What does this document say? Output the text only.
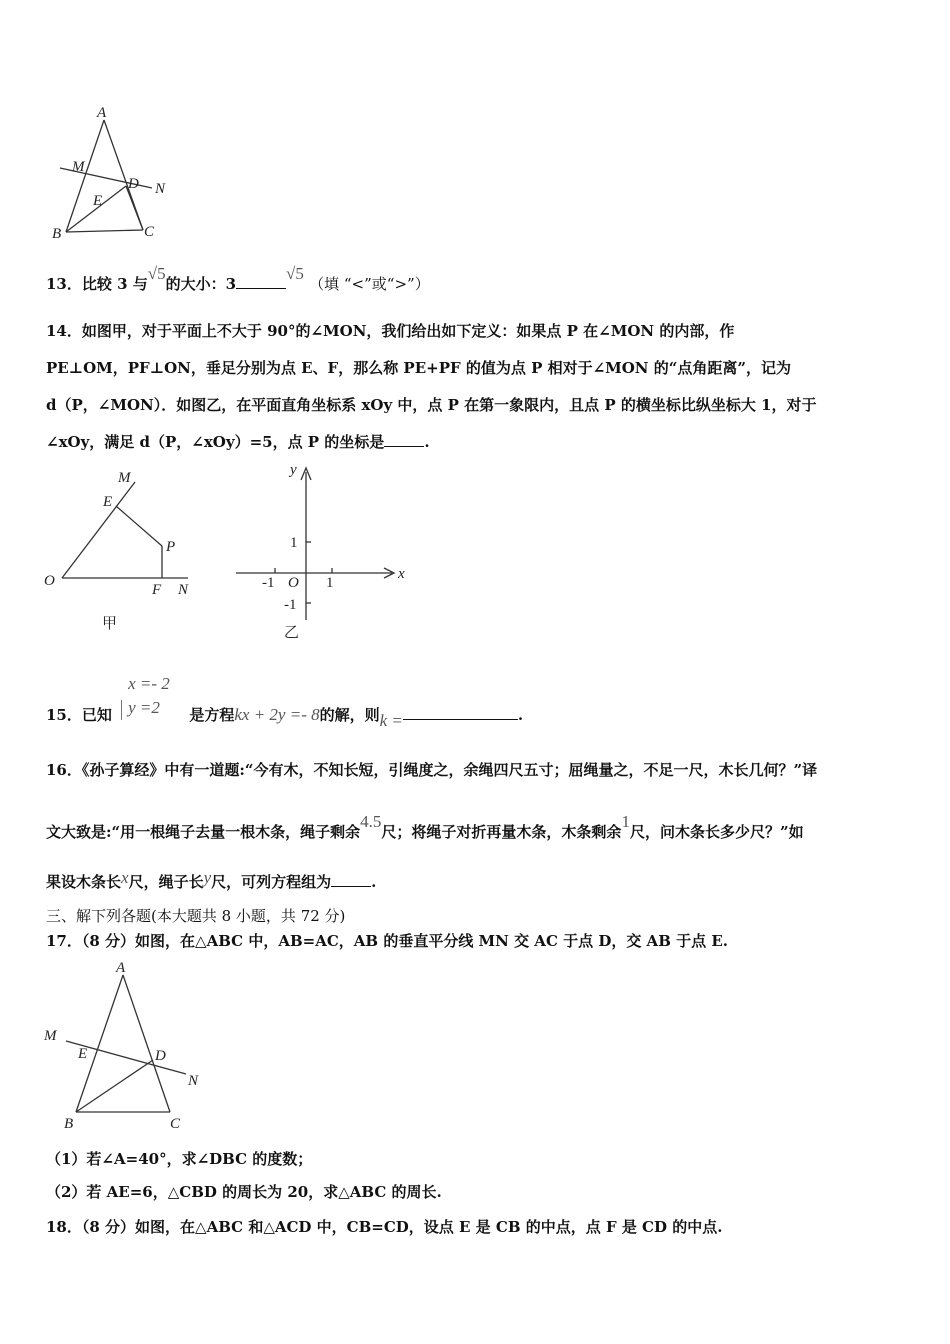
A
M
D N
E
B	C
13．比较 3 与√5的大小：3√5 （填 “<”或“>”）
14．如图甲，对于平面上不大于 90°的∠MON，我们给出如下定义：如果点 P 在∠MON 的内部，作
PE⊥OM，PF⊥ON，垂足分别为点 E、F，那么称 PE+PF 的值为点 P 相对于∠MON 的“点角距离”，记为
d（P，∠MON）．如图乙，在平面直角坐标系 xOy 中，点 P 在第一象限内，且点 P 的横坐标比纵坐标大 1，对于
∠xOy，满足 d（P，∠xOy）=5，点 P 的坐标是	.
M
E
P
O
F N
甲
y
x
O
1
-1
1
-1
乙
15．已知
x =- 2
y =2 是方程kx + 2y =- 8的解，则k =	.
16．《孙子算经》中有一道题:“今有木，不知长短，引绳度之，余绳四尺五寸；屈绳量之，不足一尺，木长几何？”译
文大致是:“用一根绳子去量一根木条，绳子剩余4.5尺；将绳子对折再量木条，木条剩余1尺，问木条长多少尺？”如
果设木条长x尺，绳子长y尺，可列方程组为	.
三、解下列各题(本大题共 8 小题，共 72 分)
17．（8 分）如图，在△ABC 中，AB=AC，AB 的垂直平分线 MN 交 AC 于点 D，交 AB 于点 E.
A
M
E	D
N
B	C
（1）若∠A=40°，求∠DBC 的度数；
（2）若 AE=6，△CBD 的周长为 20，求△ABC 的周长.
18．（8 分）如图，在△ABC 和△ACD 中，CB=CD，设点 E 是 CB 的中点，点 F 是 CD 的中点.
